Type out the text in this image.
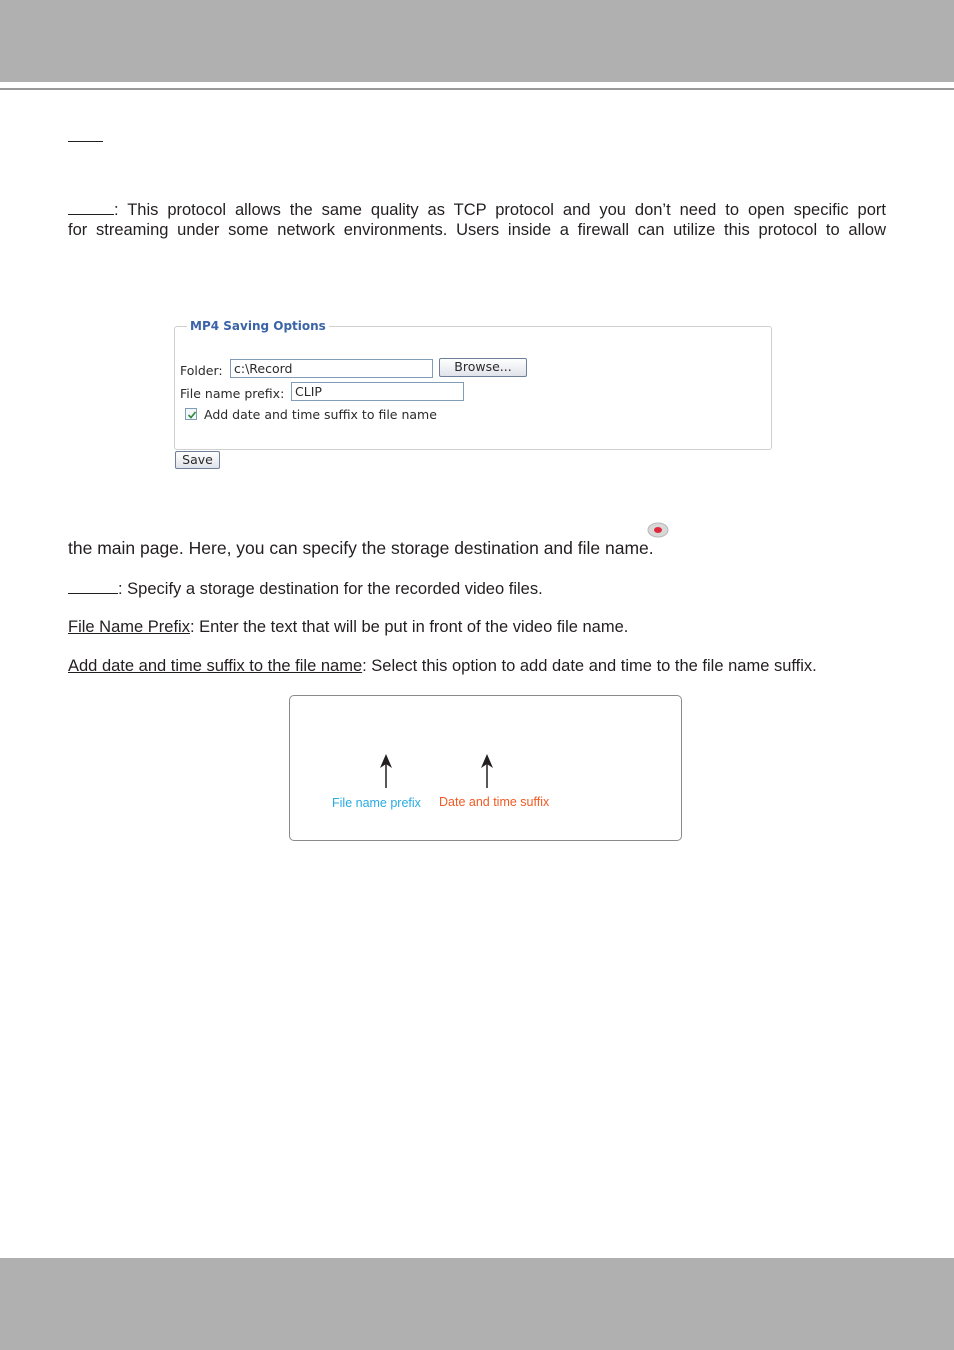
: This protocol allows the same quality as TCP protocol and you don’t need to open specific port
for streaming under some network environments. Users inside a firewall can utilize this protocol to allow
MP4 Saving Options
Folder: c:\Record	Browse...
File name prefix: CLIP
Add date and time suffix to file name
Save
the main page. Here, you can specify the storage destination and file name.
: Specify a storage destination for the recorded video files.
File Name Prefix: Enter the text that will be put in front of the video file name.
Add date and time suffix to the file name: Select this option to add date and time to the file name suffix.
File name prefix Date and time suffix
